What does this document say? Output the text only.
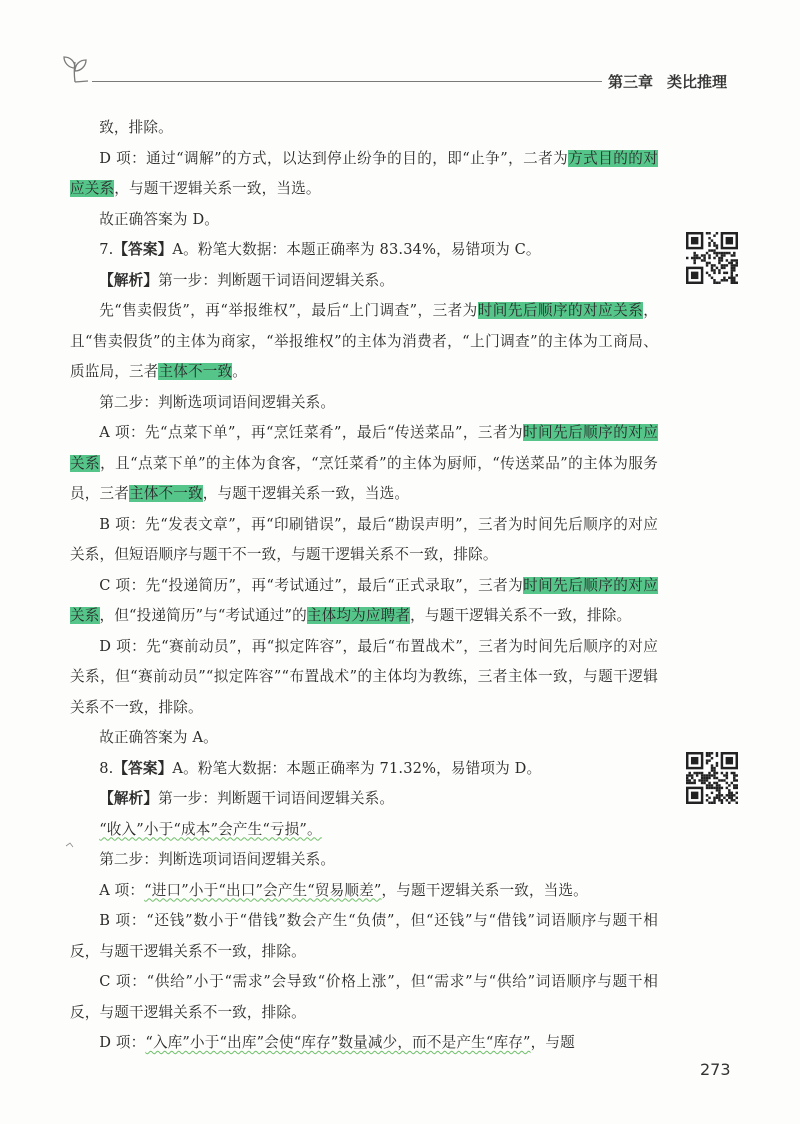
第三章 类比推理

致，排除。

D 项：通过“调解”的方式，以达到停止纷争的目的，即“止争”，二者为方式目的的对应关系，与题干逻辑关系一致，当选。

故正确答案为 D。

7.【答案】A。粉笔大数据：本题正确率为 83.34%，易错项为 C。

【解析】第一步：判断题干词语间逻辑关系。

先“售卖假货”，再“举报维权”，最后“上门调查”，三者为时间先后顺序的对应关系，且“售卖假货”的主体为商家，“举报维权”的主体为消费者，“上门调查”的主体为工商局、质监局，三者主体不一致。

第二步：判断选项词语间逻辑关系。

A 项：先“点菜下单”，再“烹饪菜肴”，最后“传送菜品”，三者为时间先后顺序的对应关系，且“点菜下单”的主体为食客，“烹饪菜肴”的主体为厨师，“传送菜品”的主体为服务员，三者主体不一致，与题干逻辑关系一致，当选。

B 项：先“发表文章”，再“印刷错误”，最后“勘误声明”，三者为时间先后顺序的对应关系，但短语顺序与题干不一致，与题干逻辑关系不一致，排除。

C 项：先“投递简历”，再“考试通过”，最后“正式录取”，三者为时间先后顺序的对应关系，但“投递简历”与“考试通过”的主体均为应聘者，与题干逻辑关系不一致，排除。

D 项：先“赛前动员”，再“拟定阵容”，最后“布置战术”，三者为时间先后顺序的对应关系，但“赛前动员”“拟定阵容”“布置战术”的主体均为教练，三者主体一致，与题干逻辑关系不一致，排除。

故正确答案为 A。

8.【答案】A。粉笔大数据：本题正确率为 71.32%，易错项为 D。

【解析】第一步：判断题干词语间逻辑关系。

“收入”小于“成本”会产生“亏损”。

第二步：判断选项词语间逻辑关系。

A 项：“进口”小于“出口”会产生“贸易顺差”，与题干逻辑关系一致，当选。

B 项：“还钱”数小于“借钱”数会产生“负债”，但“还钱”与“借钱”词语顺序与题干相反，与题干逻辑关系不一致，排除。

C 项：“供给”小于“需求”会导致“价格上涨”，但“需求”与“供给”词语顺序与题干相反，与题干逻辑关系不一致，排除。

D 项：“入库”小于“出库”会使“库存”数量减少，而不是产生“库存”，与题

273
